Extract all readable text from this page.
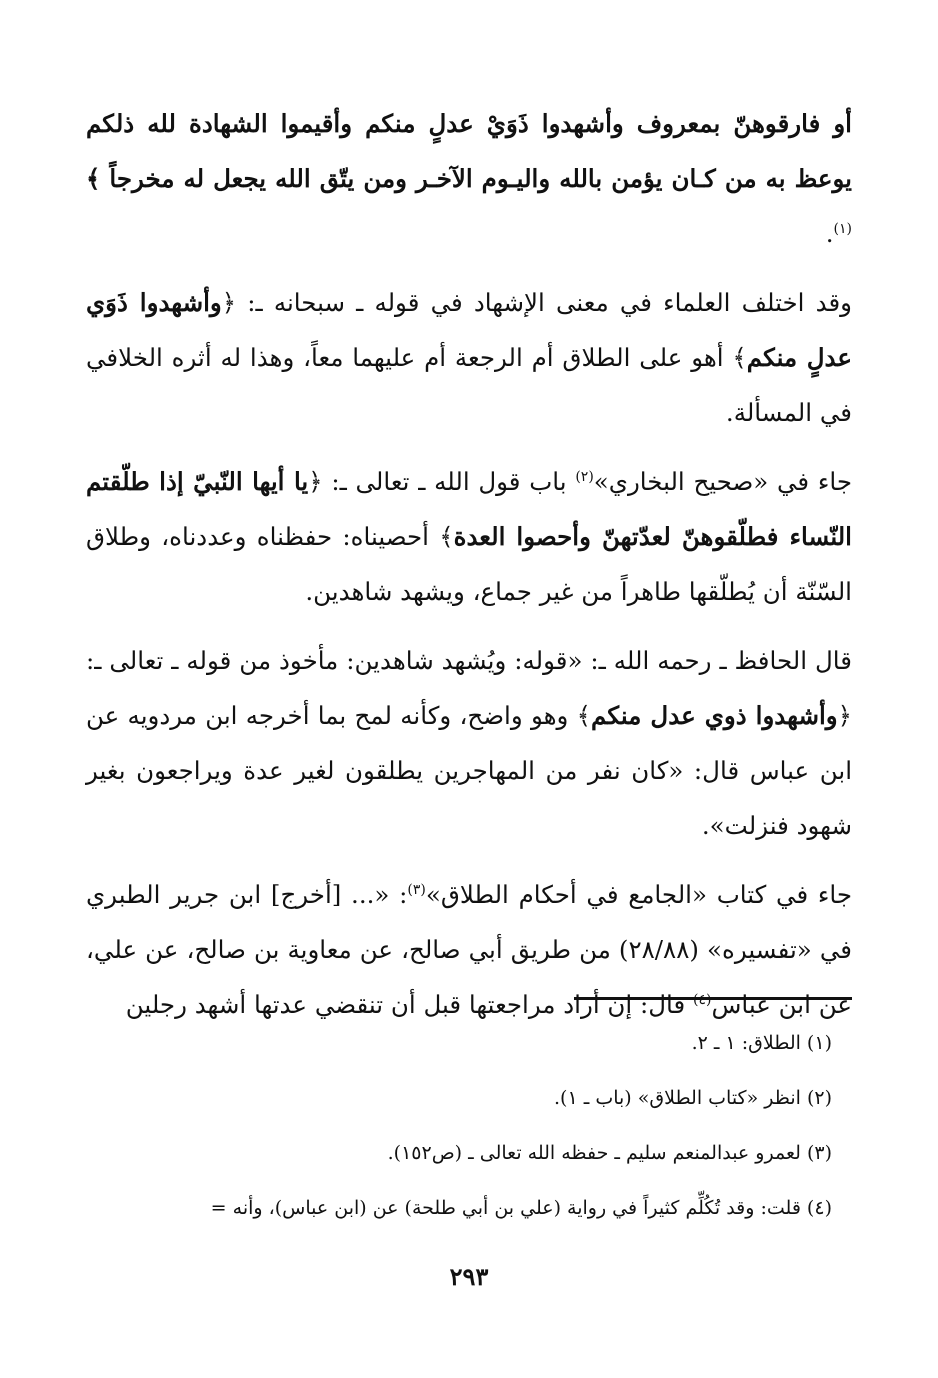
أو فارقوهنّ بمعروف وأشهدوا ذَوَيْ عدلٍ منكم وأقيموا الشهادة لله ذلكم يوعظ به من كـان يؤمن بالله واليـوم الآخـر ومن يتّق الله يجعل له مخرجاً ﴾$^{(١)}$.

وقد اختلف العلماء في معنى الإشهاد في قوله ـ سبحانه ـ: ﴿وأشهدوا ذَوَي عدلٍ منكم﴾ أهو على الطلاق أم الرجعة أم عليهما معاً، وهذا له أثره الخلافي في المسألة.

جاء في «صحيح البخاري»$^{(٢)}$ باب قول الله ـ تعالى ـ: ﴿يا أيها النّبيّ إذا طلّقتم النّساء فطلّقوهنّ لعدّتهنّ وأحصوا العدة﴾ أحصيناه: حفظناه وعددناه، وطلاق السّنّة أن يُطلّقها طاهراً من غير جماع، ويشهد شاهدين.

قال الحافظ ـ رحمه الله ـ: «قوله: ويُشهد شاهدين: مأخوذ من قوله ـ تعالى ـ: ﴿وأشهدوا ذوي عدل منكم﴾ وهو واضح، وكأنه لمح بما أخرجه ابن مردويه عن ابن عباس قال: «كان نفر من المهاجرين يطلقون لغير عدة ويراجعون بغير شهود فنزلت».

جاء في كتاب «الجامع في أحكام الطلاق»$^{(٣)}$: «... [أخرج] ابن جرير الطبري في «تفسيره» (٢٨/٨٨) من طريق أبي صالح، عن معاوية بن صالح، عن علي، عن ابن عباس$^{(٤)}$ قال: إن أراد مراجعتها قبل أن تنقضي عدتها أشهد رجلين

(١) الطلاق: ١ ـ ٢.
(٢) انظر «كتاب الطلاق» (باب ـ ١).
(٣) لعمرو عبدالمنعم سليم ـ حفظه الله تعالى ـ (ص١٥٢).
(٤) قلت: وقد تُكُلِّم كثيراً في رواية (علي بن أبي طلحة) عن (ابن عباس)، وأنه =
٢٩٣
